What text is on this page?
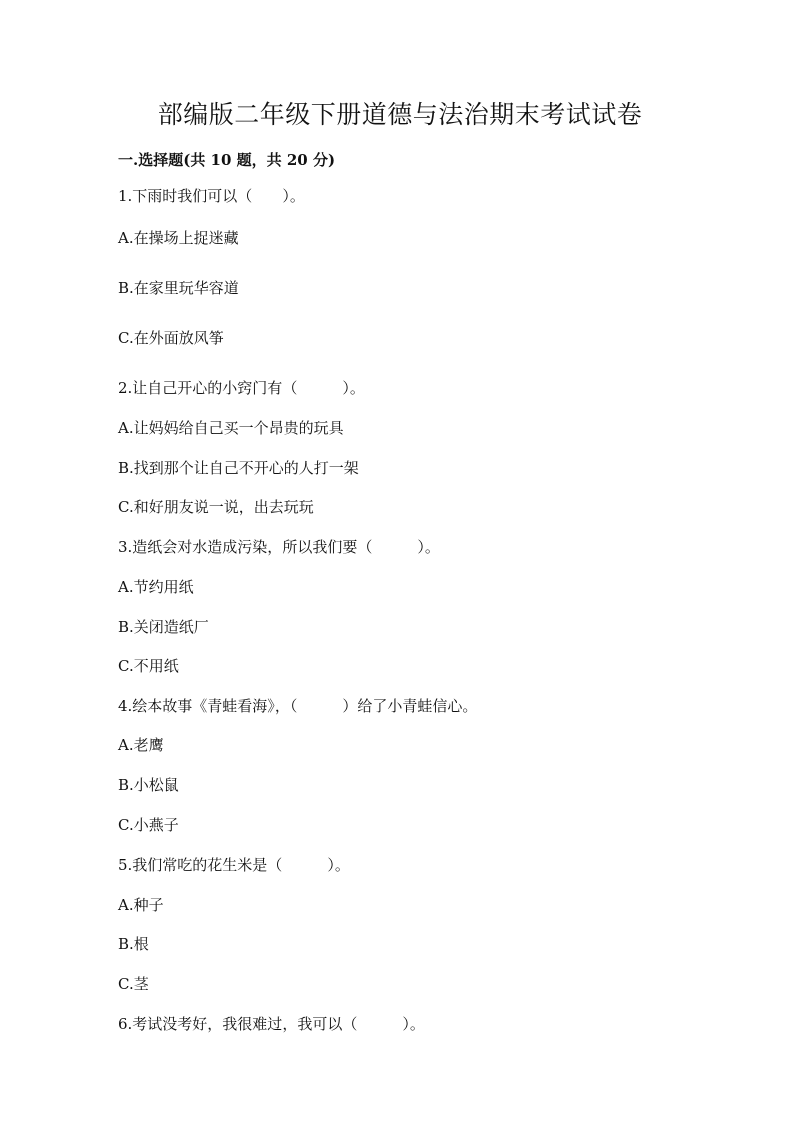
部编版二年级下册道德与法治期末考试试卷
一.选择题(共 10 题，共 20 分)
1.下雨时我们可以（　　）。
A.在操场上捉迷藏
B.在家里玩华容道
C.在外面放风筝
2.让自己开心的小窍门有（　　　）。
A.让妈妈给自己买一个昂贵的玩具
B.找到那个让自己不开心的人打一架
C.和好朋友说一说，出去玩玩
3.造纸会对水造成污染，所以我们要（　　　）。
A.节约用纸
B.关闭造纸厂
C.不用纸
4.绘本故事《青蛙看海》，（　　　）给了小青蛙信心。
A.老鹰
B.小松鼠
C.小燕子
5.我们常吃的花生米是（　　　）。
A.种子
B.根
C.茎
6.考试没考好，我很难过，我可以（　　　）。
